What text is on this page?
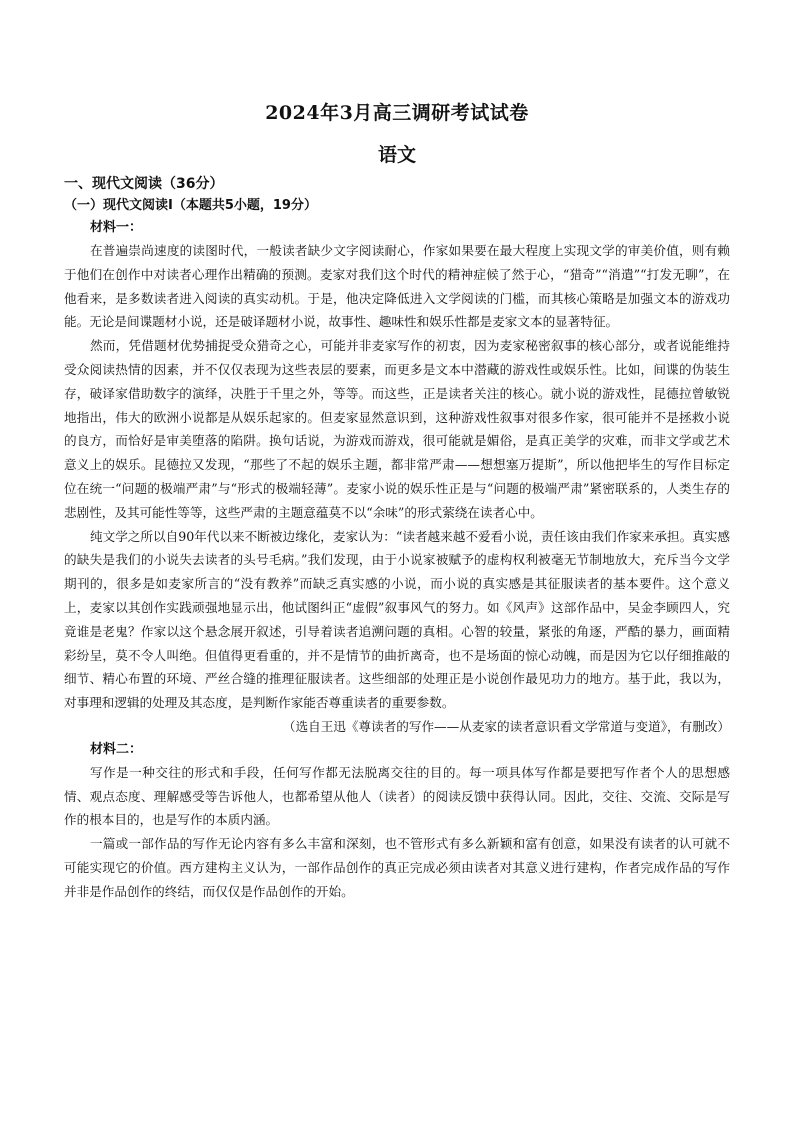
2024年3月高三调研考试试卷
语文

一、现代文阅读（36分）

（一）现代文阅读Ⅰ（本题共5小题，19分）

材料一：

在普遍崇尚速度的读图时代，一般读者缺少文字阅读耐心，作家如果要在最大程度上实现文学的审美价值，则有赖于他们在创作中对读者心理作出精确的预测。麦家对我们这个时代的精神症候了然于心，“猎奇”“消遣”“打发无聊”，在他看来，是多数读者进入阅读的真实动机。于是，他决定降低进入文学阅读的门槛，而其核心策略是加强文本的游戏功能。无论是间谍题材小说，还是破译题材小说，故事性、趣味性和娱乐性都是麦家文本的显著特征。

然而，凭借题材优势捕捉受众猎奇之心，可能并非麦家写作的初衷，因为麦家秘密叙事的核心部分，或者说能维持受众阅读热情的因素，并不仅仅表现为这些表层的要素，而更多是文本中潜藏的游戏性或娱乐性。比如，间谍的伪装生存，破译家借助数字的演绎，决胜于千里之外，等等。而这些，正是读者关注的核心。就小说的游戏性，昆德拉曾敏锐地指出，伟大的欧洲小说都是从娱乐起家的。但麦家显然意识到，这种游戏性叙事对很多作家，很可能并不是拯救小说的良方，而恰好是审美堕落的陷阱。换句话说，为游戏而游戏，很可能就是媚俗，是真正美学的灾难，而非文学或艺术意义上的娱乐。昆德拉又发现，“那些了不起的娱乐主题，都非常严肃——想想塞万提斯”，所以他把毕生的写作目标定位在统一“问题的极端严肃”与“形式的极端轻薄”。麦家小说的娱乐性正是与“问题的极端严肃”紧密联系的，人类生存的悲剧性，及其可能性等等，这些严肃的主题意蕴莫不以“余味”的形式萦绕在读者心中。

纯文学之所以自90年代以来不断被边缘化，麦家认为：“读者越来越不爱看小说，责任该由我们作家来承担。真实感的缺失是我们的小说失去读者的头号毛病。”我们发现，由于小说家被赋予的虚构权利被毫无节制地放大，充斥当今文学期刊的，很多是如麦家所言的“没有教养”而缺乏真实感的小说，而小说的真实感是其征服读者的基本要件。这个意义上，麦家以其创作实践顽强地显示出，他试图纠正“虚假”叙事风气的努力。如《风声》这部作品中，吴金李顾四人，究竟谁是老鬼？作家以这个悬念展开叙述，引导着读者追溯问题的真相。心智的较量，紧张的角逐，严酷的暴力，画面精彩纷呈，莫不令人叫绝。但值得更看重的，并不是情节的曲折离奇，也不是场面的惊心动魄，而是因为它以仔细推敲的细节、精心布置的环境、严丝合缝的推理征服读者。这些细部的处理正是小说创作最见功力的地方。基于此，我以为，对事理和逻辑的处理及其态度，是判断作家能否尊重读者的重要参数。

（选自王迅《尊读者的写作——从麦家的读者意识看文学常道与变道》，有删改）

材料二：

写作是一种交往的形式和手段，任何写作都无法脱离交往的目的。每一项具体写作都是要把写作者个人的思想感情、观点态度、理解感受等告诉他人，也都希望从他人（读者）的阅读反馈中获得认同。因此，交往、交流、交际是写作的根本目的，也是写作的本质内涵。

一篇或一部作品的写作无论内容有多么丰富和深刻，也不管形式有多么新颖和富有创意，如果没有读者的认可就不可能实现它的价值。西方建构主义认为，一部作品创作的真正完成必须由读者对其意义进行建构，作者完成作品的写作并非是作品创作的终结，而仅仅是作品创作的开始。
